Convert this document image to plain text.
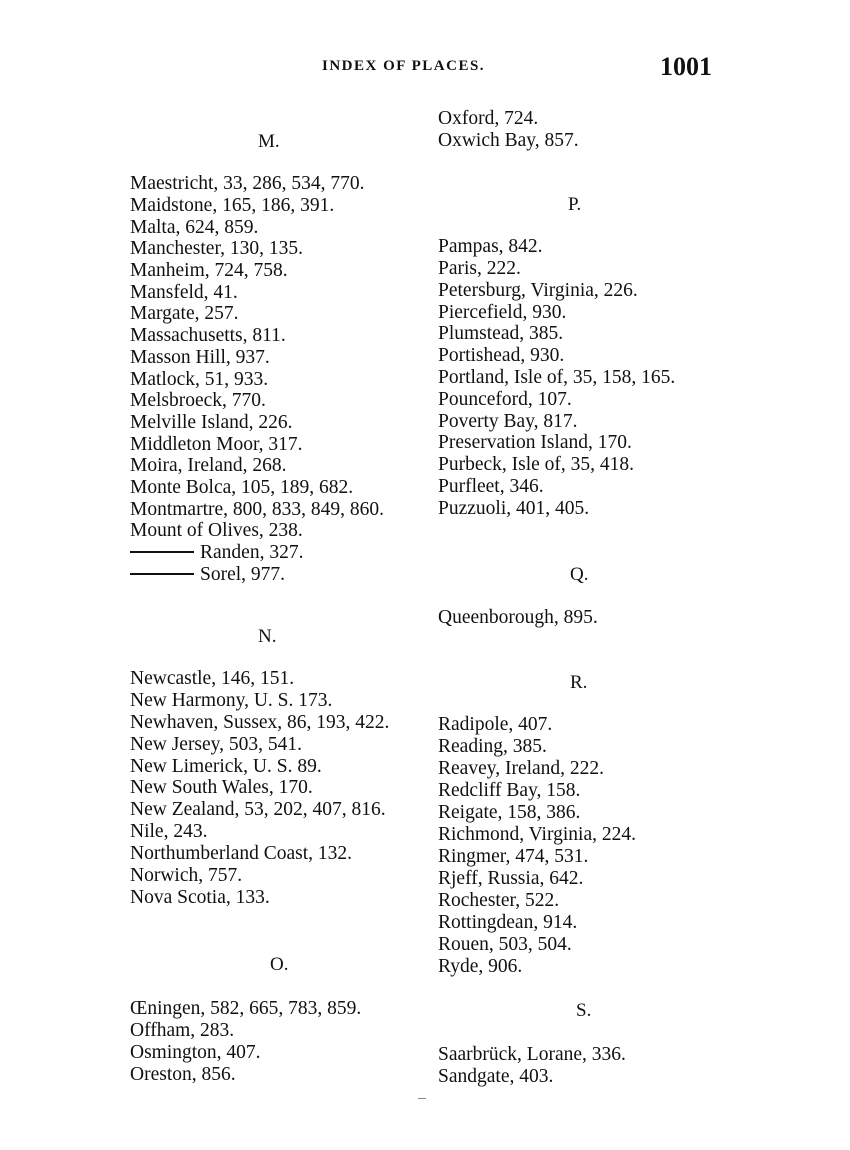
INDEX OF PLACES.	1001
M.
Maestricht, 33, 286, 534, 770.
Maidstone, 165, 186, 391.
Malta, 624, 859.
Manchester, 130, 135.
Manheim, 724, 758.
Mansfeld, 41.
Margate, 257.
Massachusetts, 811.
Masson Hill, 937.
Matlock, 51, 933.
Melsbroeck, 770.
Melville Island, 226.
Middleton Moor, 317.
Moira, Ireland, 268.
Monte Bolca, 105, 189, 682.
Montmartre, 800, 833, 849, 860.
Mount of Olives, 238.
Randen, 327.
Sorel, 977.
N.
Newcastle, 146, 151.
New Harmony, U. S. 173.
Newhaven, Sussex, 86, 193, 422.
New Jersey, 503, 541.
New Limerick, U. S. 89.
New South Wales, 170.
New Zealand, 53, 202, 407, 816.
Nile, 243.
Northumberland Coast, 132.
Norwich, 757.
Nova Scotia, 133.
O.
Œningen, 582, 665, 783, 859.
Offham, 283.
Osmington, 407.
Oreston, 856.
Oxford, 724.
Oxwich Bay, 857.
P.
Pampas, 842.
Paris, 222.
Petersburg, Virginia, 226.
Piercefield, 930.
Plumstead, 385.
Portishead, 930.
Portland, Isle of, 35, 158, 165.
Pounceford, 107.
Poverty Bay, 817.
Preservation Island, 170.
Purbeck, Isle of, 35, 418.
Purfleet, 346.
Puzzuoli, 401, 405.
Q.
Queenborough, 895.
R.
Radipole, 407.
Reading, 385.
Reavey, Ireland, 222.
Redcliff Bay, 158.
Reigate, 158, 386.
Richmond, Virginia, 224.
Ringmer, 474, 531.
Rjeff, Russia, 642.
Rochester, 522.
Rottingdean, 914.
Rouen, 503, 504.
Ryde, 906.
S.
Saarbrück, Lorane, 336.
Sandgate, 403.
